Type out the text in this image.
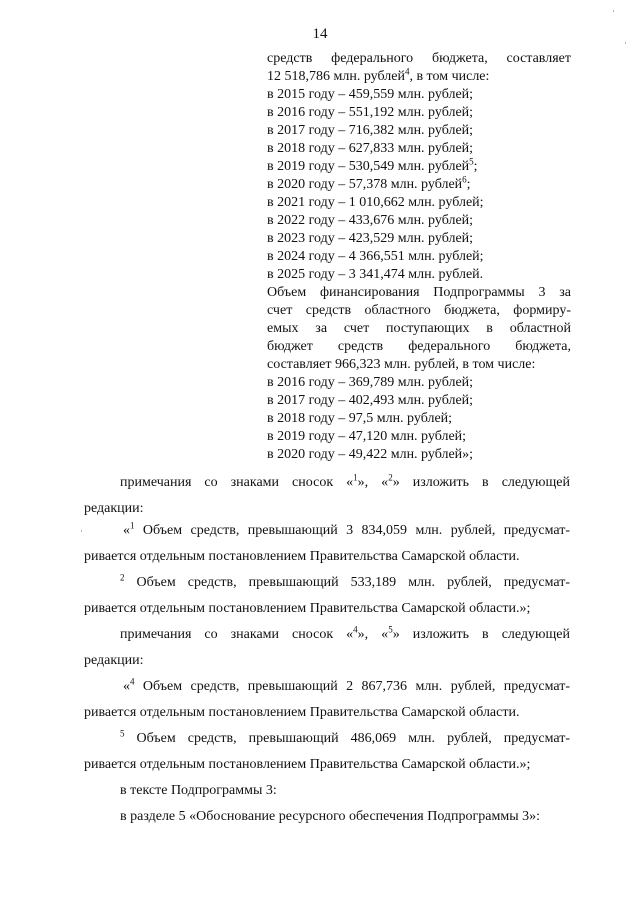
14
·
·
·
средств федерального бюджета, составляет
12 518,786 млн. рублей$^4$, в том числе:
в 2015 году – 459,559 млн. рублей;
в 2016 году – 551,192 млн. рублей;
в 2017 году – 716,382 млн. рублей;
в 2018 году – 627,833 млн. рублей;
в 2019 году – 530,549 млн. рублей$^5$;
в 2020 году – 57,378 млн. рублей$^6$;
в 2021 году – 1 010,662 млн. рублей;
в 2022 году – 433,676 млн. рублей;
в 2023 году – 423,529 млн. рублей;
в 2024 году – 4 366,551 млн. рублей;
в 2025 году – 3 341,474 млн. рублей.
Объем финансирования Подпрограммы 3 за
счет средств областного бюджета, формиру-
емых за счет поступающих в областной
бюджет средств федерального бюджета,
составляет 966,323 млн. рублей, в том числе:
в 2016 году – 369,789 млн. рублей;
в 2017 году – 402,493 млн. рублей;
в 2018 году – 97,5 млн. рублей;
в 2019 году – 47,120 млн. рублей;
в 2020 году – 49,422 млн. рублей»;
примечания со знаками сносок «$^1$», «$^2$» изложить в следующей
редакции:
«$^1$ Объем средств, превышающий 3 834,059 млн. рублей, предусмат-
ривается отдельным постановлением Правительства Самарской области.
$^2$ Объем средств, превышающий 533,189 млн. рублей, предусмат-
ривается отдельным постановлением Правительства Самарской области.»;
примечания со знаками сносок «$^4$», «$^5$» изложить в следующей
редакции:
«$^4$ Объем средств, превышающий 2 867,736 млн. рублей, предусмат-
ривается отдельным постановлением Правительства Самарской области.
$^5$ Объем средств, превышающий 486,069 млн. рублей, предусмат-
ривается отдельным постановлением Правительства Самарской области.»;
в тексте Подпрограммы 3:
в разделе 5 «Обоснование ресурсного обеспечения Подпрограммы 3»:
